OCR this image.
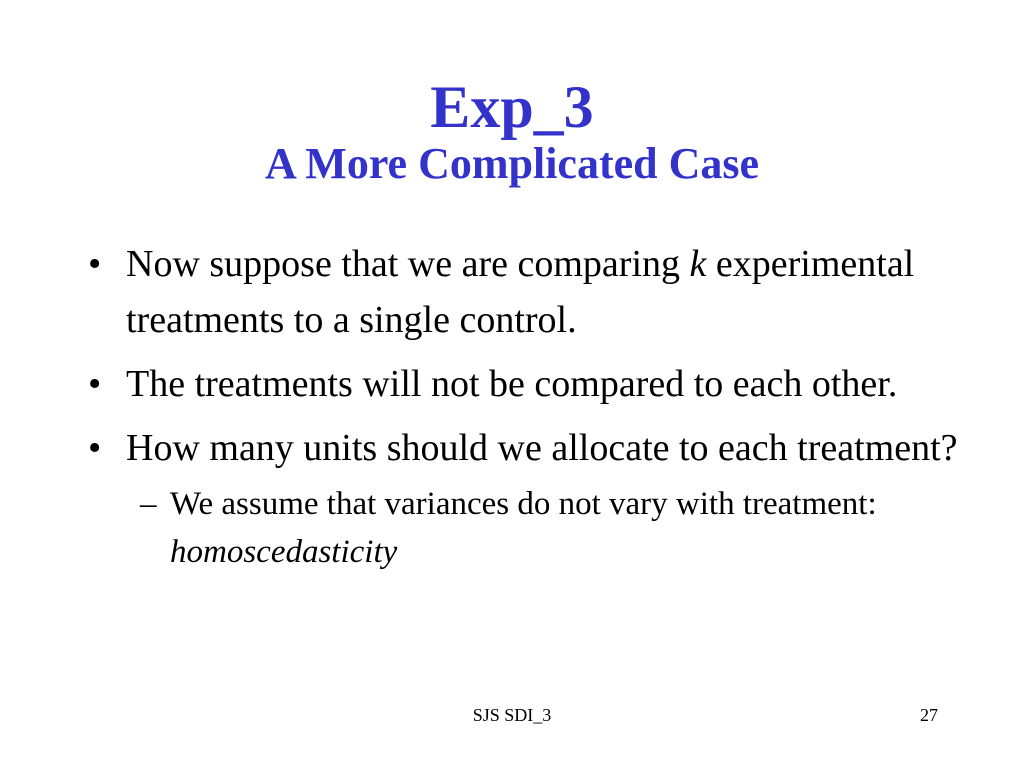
Exp_3
A More Complicated Case
• Now suppose that we are comparing k experimental treatments to a single control.
• The treatments will not be compared to each other.
• How many units should we allocate to each treatment?
– We assume that variances do not vary with treatment: homoscedasticity
SJS SDI_3	27
